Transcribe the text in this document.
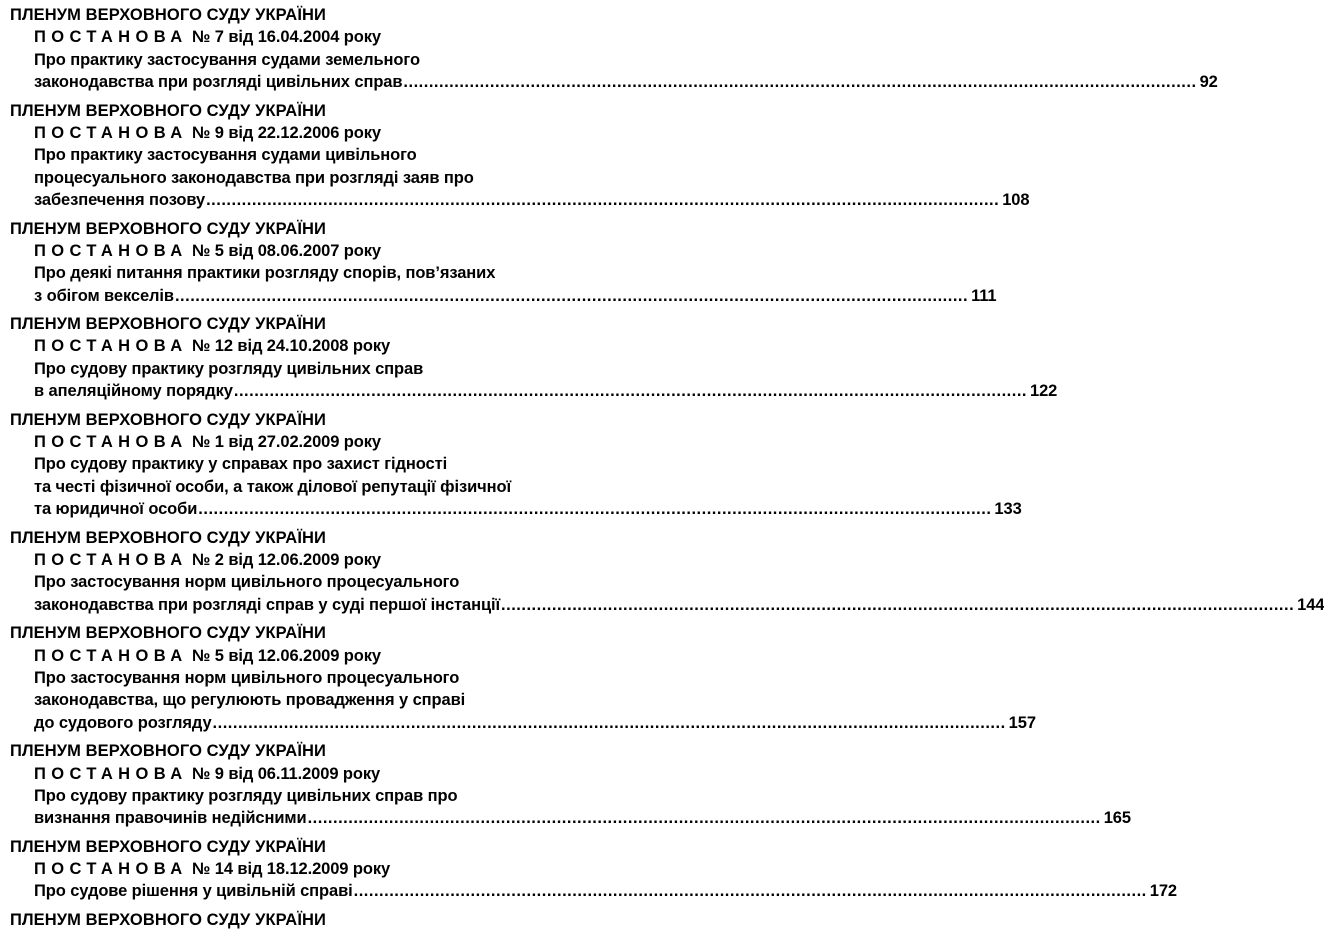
ПЛЕНУМ ВЕРХОВНОГО СУДУ УКРАЇНИ
ПОСТАНОВА № 7 від 16.04.2004 року
Про практику застосування судами земельного
законодавства при розгляді цивільних справ ............................................................................................................................................................ 92
ПЛЕНУМ ВЕРХОВНОГО СУДУ УКРАЇНИ
ПОСТАНОВА № 9 від 22.12.2006 року
Про практику застосування судами цивільного
процесуального законодавства при розгляді заяв про
забезпечення позову ............................................................................................................................................................ 108
ПЛЕНУМ ВЕРХОВНОГО СУДУ УКРАЇНИ
ПОСТАНОВА № 5 від 08.06.2007 року
Про деякі питання практики розгляду спорів, пов’язаних
з обігом векселів ............................................................................................................................................................ 111
ПЛЕНУМ ВЕРХОВНОГО СУДУ УКРАЇНИ
ПОСТАНОВА № 12 від 24.10.2008 року
Про судову практику розгляду цивільних справ
в апеляційному порядку ............................................................................................................................................................ 122
ПЛЕНУМ ВЕРХОВНОГО СУДУ УКРАЇНИ
ПОСТАНОВА № 1 від 27.02.2009 року
Про судову практику у справах про захист гідності
та честі фізичної особи, а також ділової репутації фізичної
та юридичної особи ............................................................................................................................................................ 133
ПЛЕНУМ ВЕРХОВНОГО СУДУ УКРАЇНИ
ПОСТАНОВА № 2 від 12.06.2009 року
Про застосування норм цивільного процесуального
законодавства при розгляді справ у суді першої інстанції ............................................................................................................................................................ 144
ПЛЕНУМ ВЕРХОВНОГО СУДУ УКРАЇНИ
ПОСТАНОВА № 5 від 12.06.2009 року
Про застосування норм цивільного процесуального
законодавства, що регулюють провадження у справі
до судового розгляду ............................................................................................................................................................ 157
ПЛЕНУМ ВЕРХОВНОГО СУДУ УКРАЇНИ
ПОСТАНОВА № 9 від 06.11.2009 року
Про судову практику розгляду цивільних справ про
визнання правочинів недійсними ............................................................................................................................................................ 165
ПЛЕНУМ ВЕРХОВНОГО СУДУ УКРАЇНИ
ПОСТАНОВА № 14 від 18.12.2009 року
Про судове рішення у цивільній справі ............................................................................................................................................................ 172
ПЛЕНУМ ВЕРХОВНОГО СУДУ УКРАЇНИ
